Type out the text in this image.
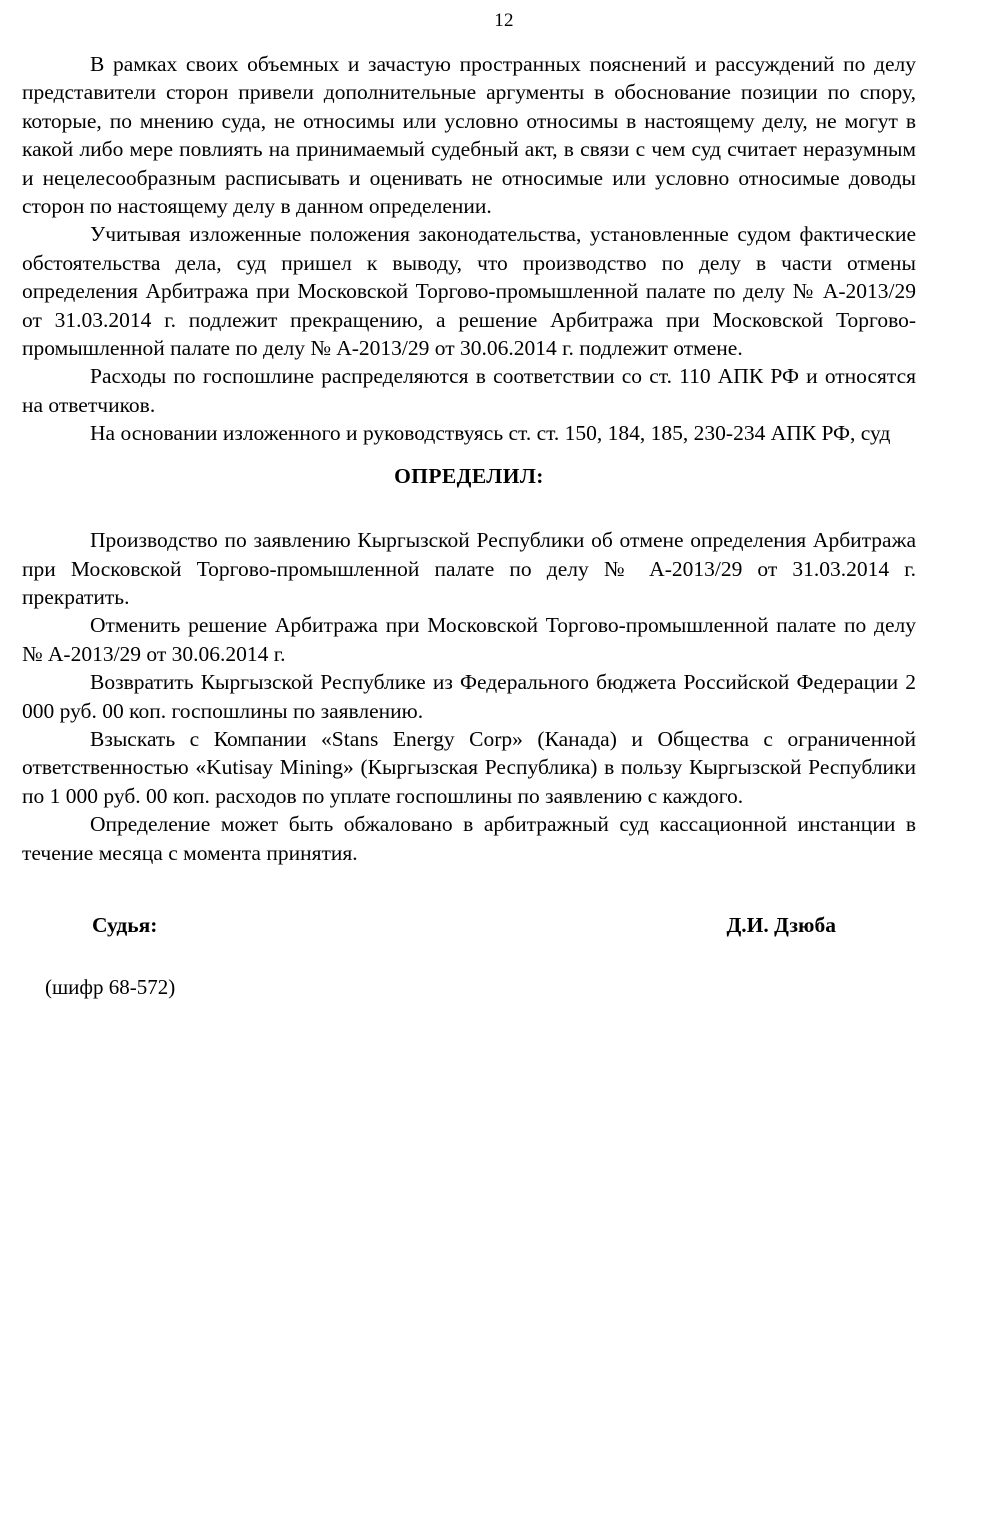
12

В рамках своих объемных и зачастую пространных пояснений и рассуждений по делу представители сторон привели дополнительные аргументы в обоснование позиции по спору, которые, по мнению суда, не относимы или условно относимы в настоящему делу, не могут в какой либо мере повлиять на принимаемый судебный акт, в связи с чем суд считает неразумным и нецелесообразным расписывать и оценивать не относимые или условно относимые доводы сторон по настоящему делу в данном определении.

Учитывая изложенные положения законодательства, установленные судом фактические обстоятельства дела, суд пришел к выводу, что производство по делу в части отмены определения Арбитража при Московской Торгово-промышленной палате по делу № А-2013/29 от 31.03.2014 г. подлежит прекращению, а решение Арбитража при Московской Торгово-промышленной палате по делу № А-2013/29 от 30.06.2014 г. подлежит отмене.

Расходы по госпошлине распределяются в соответствии со ст. 110 АПК РФ и относятся на ответчиков.

На основании изложенного и руководствуясь ст. ст. 150, 184, 185, 230-234 АПК РФ, суд

ОПРЕДЕЛИЛ:

Производство по заявлению Кыргызской Республики об отмене определения Арбитража при Московской Торгово-промышленной палате по делу № А-2013/29 от 31.03.2014 г. прекратить.

Отменить решение Арбитража при Московской Торгово-промышленной палате по делу № А-2013/29 от 30.06.2014 г.

Возвратить Кыргызской Республике из Федерального бюджета Российской Федерации 2 000 руб. 00 коп. госпошлины по заявлению.

Взыскать с Компании «Stans Energy Corp» (Канада) и Общества с ограниченной ответственностью «Kutisay Mining» (Кыргызская Республика) в пользу Кыргызской Республики по 1 000 руб. 00 коп. расходов по уплате госпошлины по заявлению с каждого.

Определение может быть обжаловано в арбитражный суд кассационной инстанции в течение месяца с момента принятия.

Судья:	Д.И. Дзюба

(шифр 68-572)
